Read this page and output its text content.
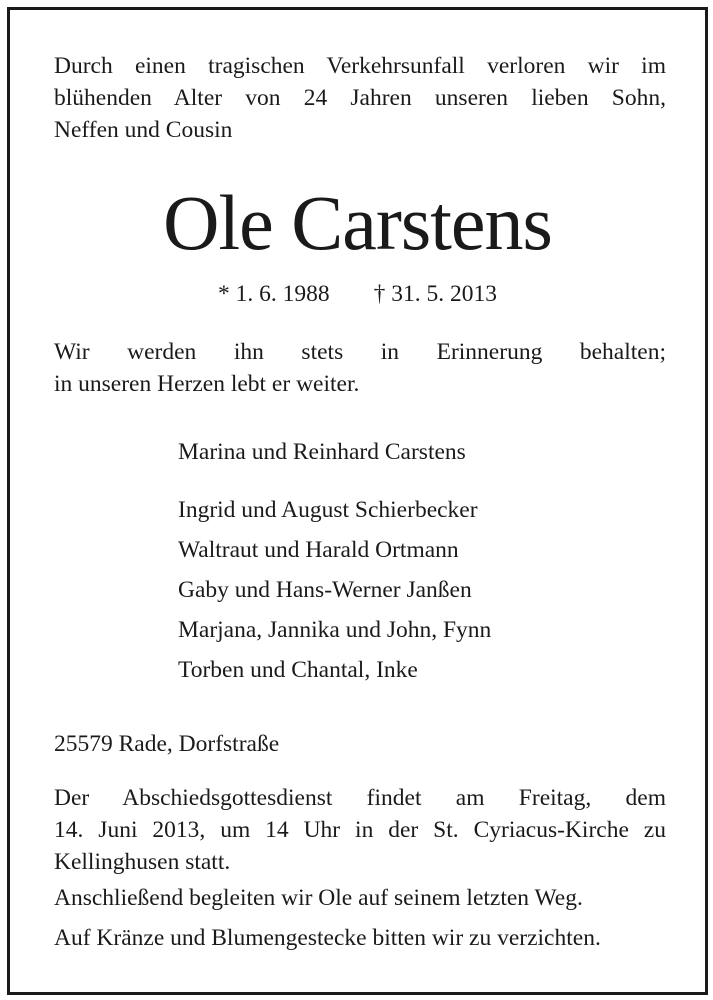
Durch einen tragischen Verkehrsunfall verloren wir im
blühenden Alter von 24 Jahren unseren lieben Sohn,
Neffen und Cousin
Ole Carstens
* 1. 6. 1988 † 31. 5. 2013
Wir werden ihn stets in Erinnerung behalten;
in unseren Herzen lebt er weiter.
Marina und Reinhard Carstens
Ingrid und August Schierbecker
Waltraut und Harald Ortmann
Gaby und Hans-Werner Janßen
Marjana, Jannika und John, Fynn
Torben und Chantal, Inke
25579 Rade, Dorfstraße
Der Abschiedsgottesdienst findet am Freitag, dem
14. Juni 2013, um 14 Uhr in der St. Cyriacus-Kirche zu
Kellinghusen statt.
Anschließend begleiten wir Ole auf seinem letzten Weg.
Auf Kränze und Blumengestecke bitten wir zu verzichten.
